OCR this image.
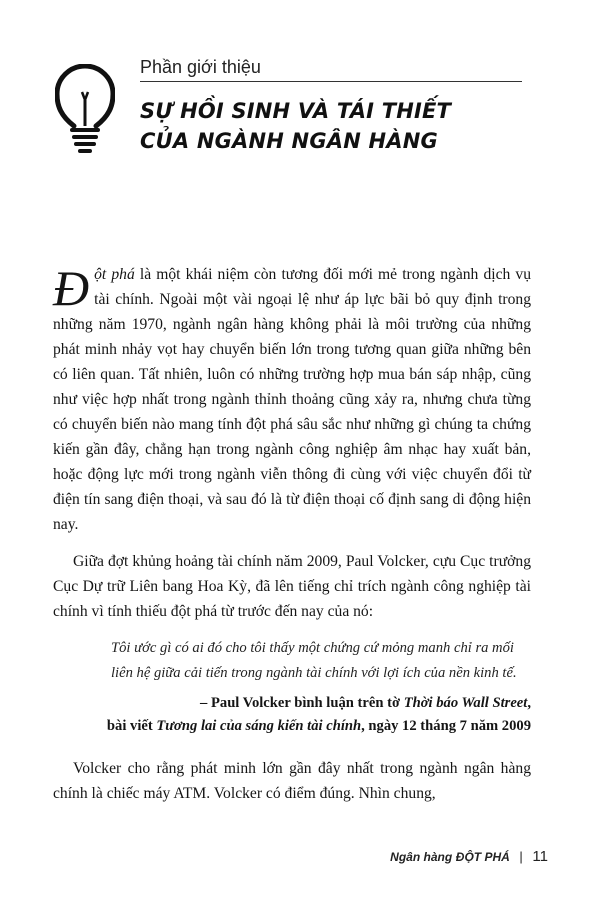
Phần giới thiệu
SỰ HỒI SINH VÀ TÁI THIẾT
CỦA NGÀNH NGÂN HÀNG

Đột phá là một khái niệm còn tương đối mới mẻ trong ngành dịch vụ tài chính. Ngoài một vài ngoại lệ như áp lực bãi bỏ quy định trong những năm 1970, ngành ngân hàng không phải là môi trường của những phát minh nhảy vọt hay chuyển biến lớn trong tương quan giữa những bên có liên quan. Tất nhiên, luôn có những trường hợp mua bán sáp nhập, cũng như việc hợp nhất trong ngành thỉnh thoảng cũng xảy ra, nhưng chưa từng có chuyển biến nào mang tính đột phá sâu sắc như những gì chúng ta chứng kiến gần đây, chẳng hạn trong ngành công nghiệp âm nhạc hay xuất bản, hoặc động lực mới trong ngành viễn thông đi cùng với việc chuyển đổi từ điện tín sang điện thoại, và sau đó là từ điện thoại cố định sang di động hiện nay.

Giữa đợt khủng hoảng tài chính năm 2009, Paul Volcker, cựu Cục trưởng Cục Dự trữ Liên bang Hoa Kỳ, đã lên tiếng chỉ trích ngành công nghiệp tài chính vì tính thiếu đột phá từ trước đến nay của nó:

Tôi ước gì có ai đó cho tôi thấy một chứng cứ mỏng manh chỉ ra mối liên hệ giữa cải tiến trong ngành tài chính với lợi ích của nền kinh tế.

– Paul Volcker bình luận trên tờ Thời báo Wall Street,
bài viết Tương lai của sáng kiến tài chính, ngày 12 tháng 7 năm 2009

Volcker cho rằng phát minh lớn gần đây nhất trong ngành ngân hàng chính là chiếc máy ATM. Volcker có điểm đúng. Nhìn chung,

Ngân hàng ĐỘT PHÁ | 11
